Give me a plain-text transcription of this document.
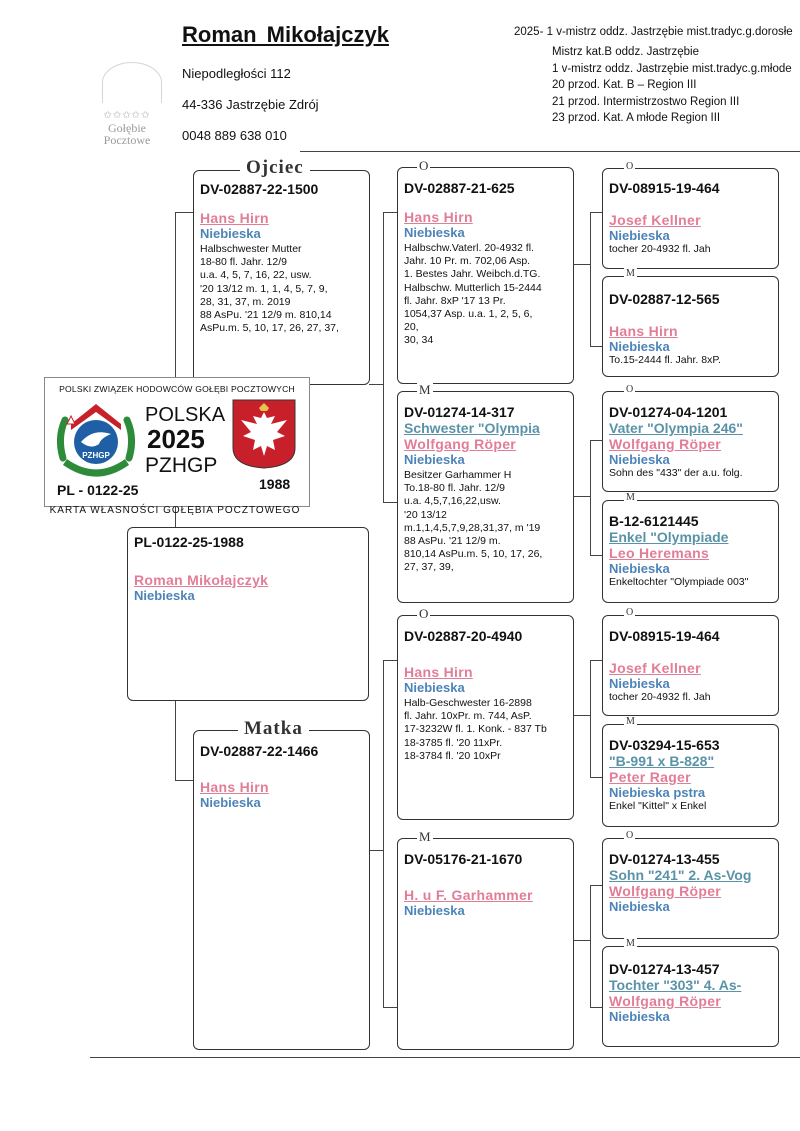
Roman Mikołajczyk
Niepodległości 112
44-336 Jastrzębie Zdrój
0048 889 638 010
✩✩✩✩✩
Gołębie
Pocztowe
2025- 1 v-mistrz oddz. Jastrzębie mist.tradyc.g.dorosłe
Mistrz kat.B oddz. Jastrzębie
1 v-mistrz oddz. Jastrzębie mist.tradyc.g.młode
20 przod. Kat. B – Region III
21 przod. Intermistrzostwo Region III
23 przod. Kat. A młode Region III
PL-0122-25-1988
Roman Mikołajczyk
Niebieska
DV-02887-22-1500
Hans Hirn
Niebieska
Halbschwester Mutter
18-80 fl. Jahr. 12/9
u.a. 4, 5, 7, 16, 22, usw.
'20 13/12 m. 1, 1, 4, 5, 7, 9,
28, 31, 37, m. 2019
88 AsPu. '21 12/9 m. 810,14
AsPu.m. 5, 10, 17, 26, 27, 37,
Ojciec
DV-02887-22-1466
Hans Hirn
Niebieska
Matka
DV-02887-21-625
Hans Hirn
Niebieska
Halbschw.Vaterl. 20-4932 fl.
Jahr. 10 Pr. m. 702,06 Asp.
1. Bestes Jahr. Weibch.d.TG.
Halbschw. Mutterlich 15-2444
fl. Jahr. 8xP '17 13 Pr.
1054,37 Asp. u.a. 1, 2, 5, 6,
20,
30, 34
O
DV-01274-14-317
Schwester "Olympia
Wolfgang Röper
Niebieska
Besitzer Garhammer H
To.18-80 fl. Jahr. 12/9
u.a. 4,5,7,16,22,usw.
'20 13/12
m.1,1,4,5,7,9,28,31,37, m '19
88 AsPu. '21 12/9 m.
810,14 AsPu.m. 5, 10, 17, 26,
27, 37, 39,
M
DV-02887-20-4940
Hans Hirn
Niebieska
Halb-Geschwester 16-2898
fl. Jahr. 10xPr. m. 744, AsP.
17-3232W fl. 1. Konk. - 837 Tb
18-3785 fl. '20 11xPr.
18-3784 fl. '20 10xPr
O
DV-05176-21-1670
H. u F. Garhammer
Niebieska
M
DV-08915-19-464
Josef Kellner
Niebieska
tocher 20-4932 fl. Jah
O
DV-02887-12-565
Hans Hirn
Niebieska
To.15-2444 fl. Jahr. 8xP.
M
DV-01274-04-1201
Vater "Olympia 246"
Wolfgang Röper
Niebieska
Sohn des "433" der a.u. folg.
O
B-12-6121445
Enkel "Olympiade
Leo Heremans
Niebieska
Enkeltochter "Olympiade 003"
M
DV-08915-19-464
Josef Kellner
Niebieska
tocher 20-4932 fl. Jah
O
DV-03294-15-653
"B-991 x B-828"
Peter Rager
Niebieska pstra
Enkel "Kittel" x Enkel
M
DV-01274-13-455
Sohn "241" 2. As-Vog
Wolfgang Röper
Niebieska
O
DV-01274-13-457
Tochter "303" 4. As-
Wolfgang Röper
Niebieska
M
POLSKI ZWIĄZEK HODOWCÓW GOŁĘBI POCZTOWYCH
PZHGP
POLSKA
2025
PZHGP
PL - 0122-25	1988
KARTA WŁASNOŚCI GOŁĘBIA POCZTOWEGO
